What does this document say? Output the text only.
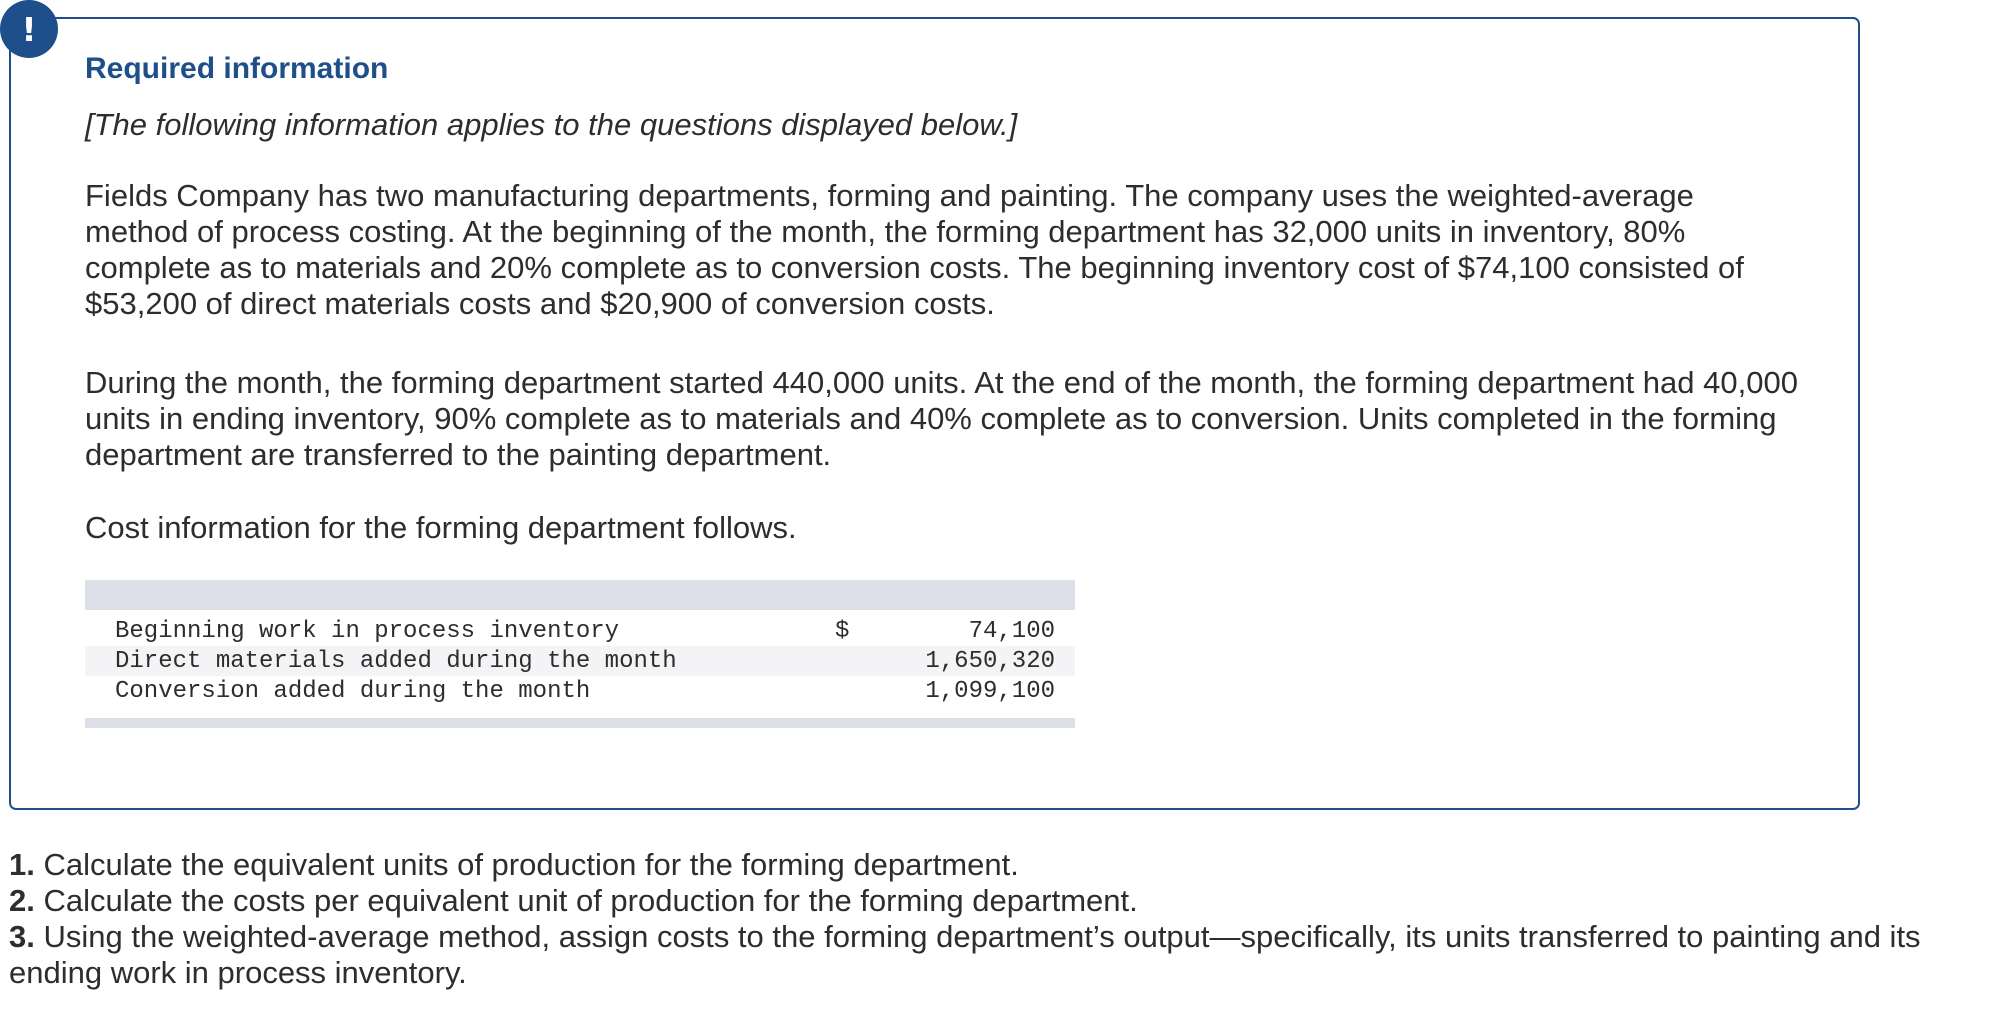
!
Required information

[The following information applies to the questions displayed below.]

Fields Company has two manufacturing departments, forming and painting. The company uses the weighted-average method of process costing. At the beginning of the month, the forming department has 32,000 units in inventory, 80% complete as to materials and 20% complete as to conversion costs. The beginning inventory cost of $74,100 consisted of $53,200 of direct materials costs and $20,900 of conversion costs.

During the month, the forming department started 440,000 units. At the end of the month, the forming department had 40,000 units in ending inventory, 90% complete as to materials and 40% complete as to conversion. Units completed in the forming department are transferred to the painting department.

Cost information for the forming department follows.

Beginning work in process inventory	$	74,100
Direct materials added during the month		1,650,320
Conversion added during the month		1,099,100

1. Calculate the equivalent units of production for the forming department.

2. Calculate the costs per equivalent unit of production for the forming department.

3. Using the weighted-average method, assign costs to the forming department’s output—specifically, its units transferred to painting and its ending work in process inventory.
